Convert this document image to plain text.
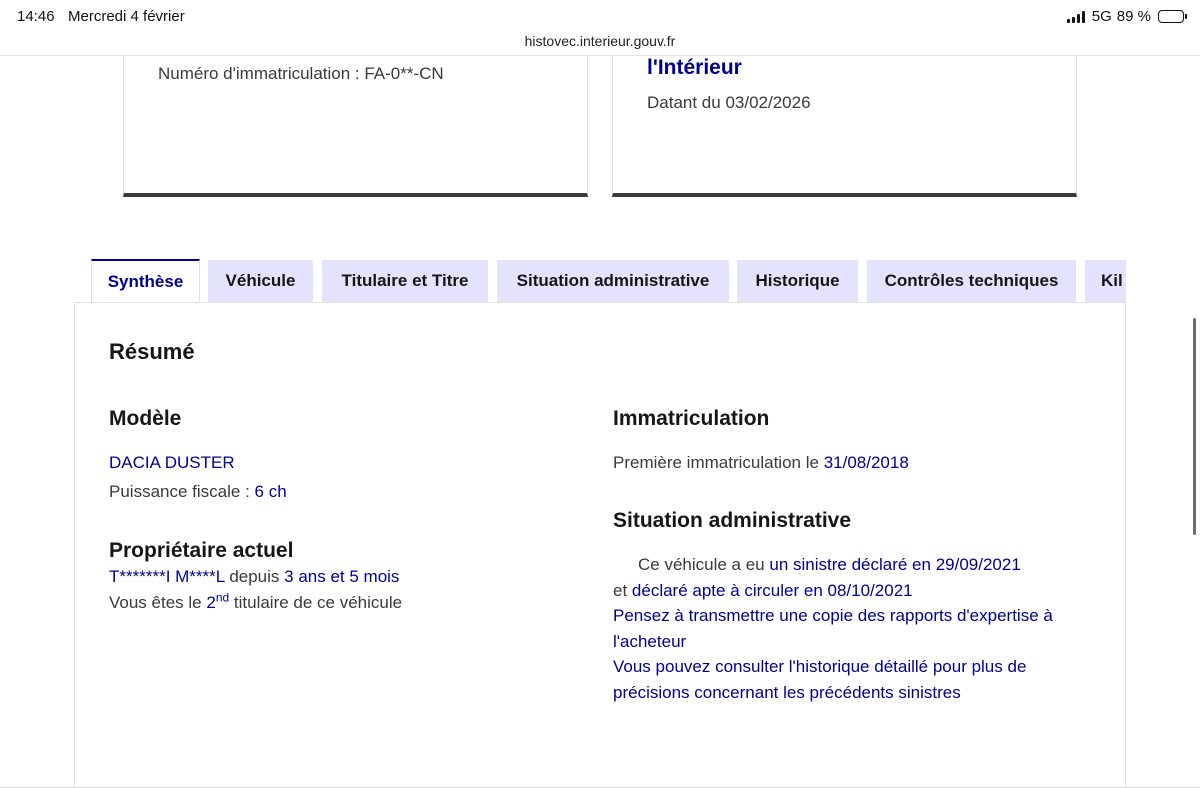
14:46 Mercredi 4 février	5G 89 %
histovec.interieur.gouv.fr
Numéro d'immatriculation : FA-0**-CN	l'Intérieur
Datant du 03/02/2026
Synthèse Véhicule	Titulaire et Titre	Situation administrative	Historique	Contrôles techniques	Kil
Résumé
Modèle
DACIA DUSTER
Puissance fiscale : 6 ch
Propriétaire actuel
T*******I M****L depuis 3 ans et 5 mois
Vous êtes le 2nd titulaire de ce véhicule
Immatriculation
Première immatriculation le 31/08/2018
Situation administrative
Ce véhicule a eu un sinistre déclaré en 29/09/2021
et déclaré apte à circuler en 08/10/2021
Pensez à transmettre une copie des rapports d'expertise à l'acheteur
Vous pouvez consulter l'historique détaillé pour plus de précisions concernant les précédents sinistres
